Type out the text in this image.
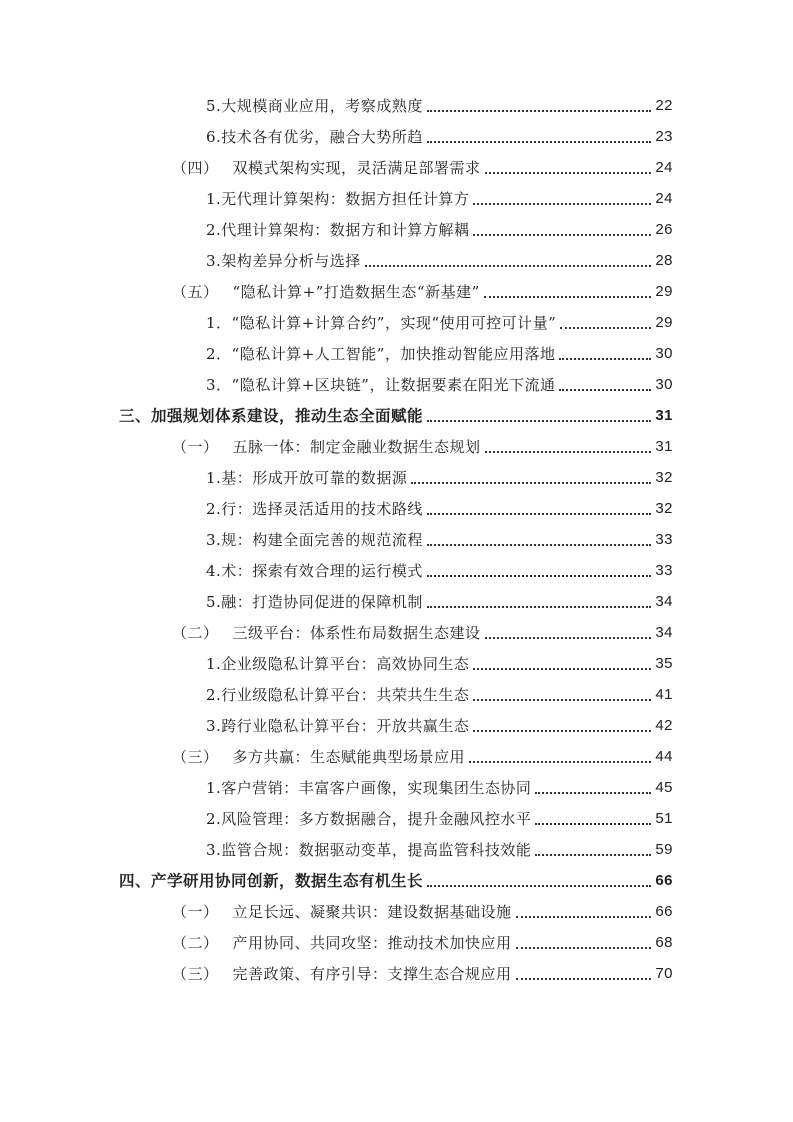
5.大规模商业应用，考察成熟度	22
6.技术各有优劣，融合大势所趋	23
（四） 双模式架构实现，灵活满足部署需求	24
1.无代理计算架构：数据方担任计算方	24
2.代理计算架构：数据方和计算方解耦	26
3.架构差异分析与选择	28
（五） “隐私计算+”打造数据生态“新基建”	29
1．“隐私计算+计算合约”，实现“使用可控可计量”	29
2．“隐私计算+人工智能”，加快推动智能应用落地	30
3．“隐私计算+区块链”，让数据要素在阳光下流通	30
三、加强规划体系建设，推动生态全面赋能	31
（一） 五脉一体：制定金融业数据生态规划	31
1.基：形成开放可靠的数据源	32
2.行：选择灵活适用的技术路线	32
3.规：构建全面完善的规范流程	33
4.术：探索有效合理的运行模式	33
5.融：打造协同促进的保障机制	34
（二） 三级平台：体系性布局数据生态建设	34
1.企业级隐私计算平台：高效协同生态	35
2.行业级隐私计算平台：共荣共生生态	41
3.跨行业隐私计算平台：开放共赢生态	42
（三） 多方共赢：生态赋能典型场景应用	44
1.客户营销：丰富客户画像，实现集团生态协同	45
2.风险管理：多方数据融合，提升金融风控水平	51
3.监管合规：数据驱动变革，提高监管科技效能	59
四、产学研用协同创新，数据生态有机生长	66
（一） 立足长远、凝聚共识：建设数据基础设施	66
（二） 产用协同、共同攻坚：推动技术加快应用	68
（三） 完善政策、有序引导：支撑生态合规应用	70
